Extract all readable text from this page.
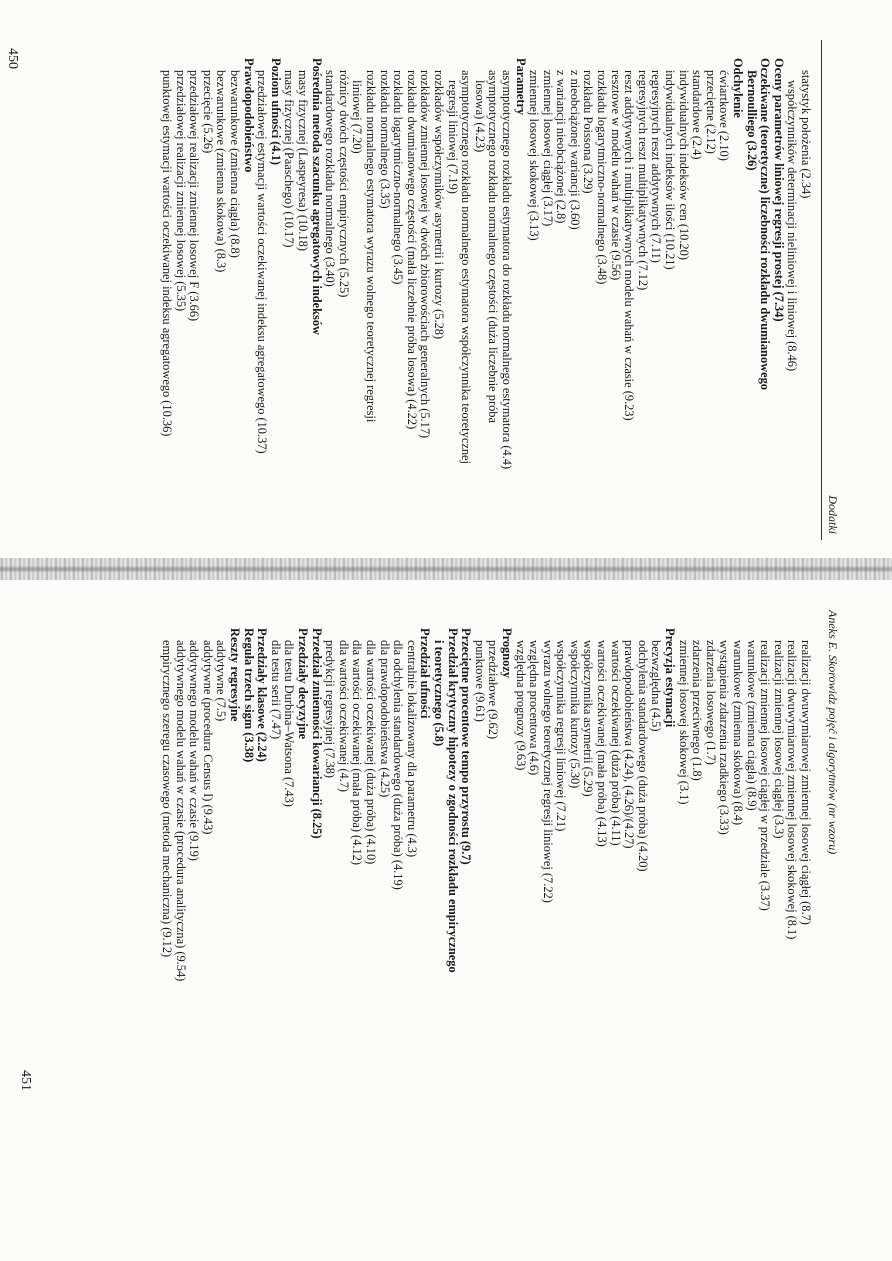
Dodatki
statystyk położenia (2.34)
współczynników determinacji nieliniowej i liniowej (8.46)
Oceny parametrów liniowej regresji prostej (7.34)
Oczekiwane (teoretyczne) liczebności rozkładu dwumianowego
Bernoulliego (3.26)
Odchylenie
ćwiartkowe (2.10)
przeciętne (2.12)
standardowe (2.4)
indywidualnych indeksów cen (10.20)
indywidualnych indeksów ilości (10.21)
regresyjnych reszt addytywnych (7.11)
regresyjnych reszt multiplikatywnych (7.12)
reszt addytywnych i multiplikatywnych modelu wahań w czasie (9.23)
resztowe w modelu wahań w czasie (9.56)
rozkładu logarytmiczno-normalnego (3.48)
rozkładu Poissona (3.29)
z nieobciążonej wariancji (3.60)
z wariancji nieobciążonej (2.8)
zmiennej losowej ciągłej (3.17)
zmiennej losowej skokowej (3.13)
Parametry
asymptotycznego rozkładu estymatora do rozkładu normalnego estymatora (4.4)
asymptotycznego rozkładu normalnego częstości (duża liczebnie próba
losowa) (4.23)
asymptotycznego rozkładu normalnego estymatora współczynnika teoretycznej
regresji liniowej (7.19)
rozkładów współczynników asymetrii i kurtozy (5.28)
rozkładów zmiennej losowej w dwóch zbiorowościach generalnych (5.17)
rozkładu dwumianowego częstości (mała liczebnie próba losowa) (4.22)
rozkładu logarytmiczno-normalnego (3.45)
rozkładu normalnego (3.35)
rozkładu normalnego estymatora wyrazu wolnego teoretycznej regresji
liniowej (7.20)
różnicy dwóch częstości empirycznych (5.25)
standardowego rozkładu normalnego (3.40)
Pośrednia metoda szacunku agregatowych indeksów
masy fizycznej (Laspeyresa) (10.18)
masy fizycznej (Paaschego) (10.17)
Poziom ufności (4.1)
przedziałowej estymacji wartości oczekiwanej indeksu agregatowego (10.37)
Prawdopodobieństwo
bezwarunkowe (zmienna ciągła) (8.8)
bezwarunkowe (zmienna skokowa) (8.3)
przecięcie (5.26)
przedziałowej realizacji zmiennej losowej F (3.66)
przedziałowej realizacji zmiennej losowej (5.35)
punktowej estymacji wartości oczekiwanej indeksu agregatowego (10.36)
Aneks E. Skorowidz pojęć i algorytmów (nr wzoru)
realizacji dwuwymiarowej zmiennej losowej ciągłej (8.7)
realizacji dwuwymiarowej zmiennej losowej skokowej (8.1)
realizacji zmiennej losowej ciągłej (3.3)
realizacji zmiennej losowej ciągłej w przedziale (3.37)
warunkowe (zmienna ciągła) (8.9)
warunkowe (zmienna skokowa) (8.4)
wystąpienia zdarzenia rzadkiego (3.33)
zdarzenia losowego (1.7)
zdarzenia przeciwnego (1.8)
zmiennej losowej skokowej (3.1)
Precyzja estymacji
bezwzględna (4.5)
odchylenia standardowego (duża próba) (4.20)
prawdopodobieństwa (4.24), (4.26)/(4.27)
wartości oczekiwanej (duża próba) (4.11)
wartości oczekiwanej (mała próba) (4.13)
współczynnika asymetrii (5.29)
współczynnika kurtozy (5.30)
współczynnika regresji liniowej (7.21)
wyrazu wolnego teoretycznej regresji liniowej (7.22)
względna procentowa (4.6)
względna prognozy (9.63)
Prognozy
przedziałowe (9.62)
punktowe (9.61)
Przeciętne procentowe tempo przyrostu (9.7)
Przedział krytyczny hipotezy o zgodności rozkładu empirycznego
i teoretycznego (5.8)
Przedział ufności
centralnie lokalizowany dla parametru (4.3)
dla odchylenia standardowego (duża próba) (4.19)
dla prawdopodobieństwa (4.25)
dla wartości oczekiwanej (duża próba) (4.10)
dla wartości oczekiwanej (mała próba) (4.12)
dla wartości oczekiwanej (4.7)
predykcji regresyjnej (7.38)
Przedział zmienności kowariancji (8.25)
Przedziały decyzyjne
dla testu Durbina–Watsona (7.43)
dla testu serii (7.47)
Przedziały klasowe (2.24)
Reguła trzech sigm (3.38)
Reszty regresyjne
addytywne (7.5)
addytywne (procedura Census I) (9.43)
addytywnego modelu wahań w czasie (9.19)
addytywnego modelu wahań w czasie (procedura analityczna) (9.54)
empirycznego szeregu czasowego (metoda mechaniczna) (9.12)
450
451
